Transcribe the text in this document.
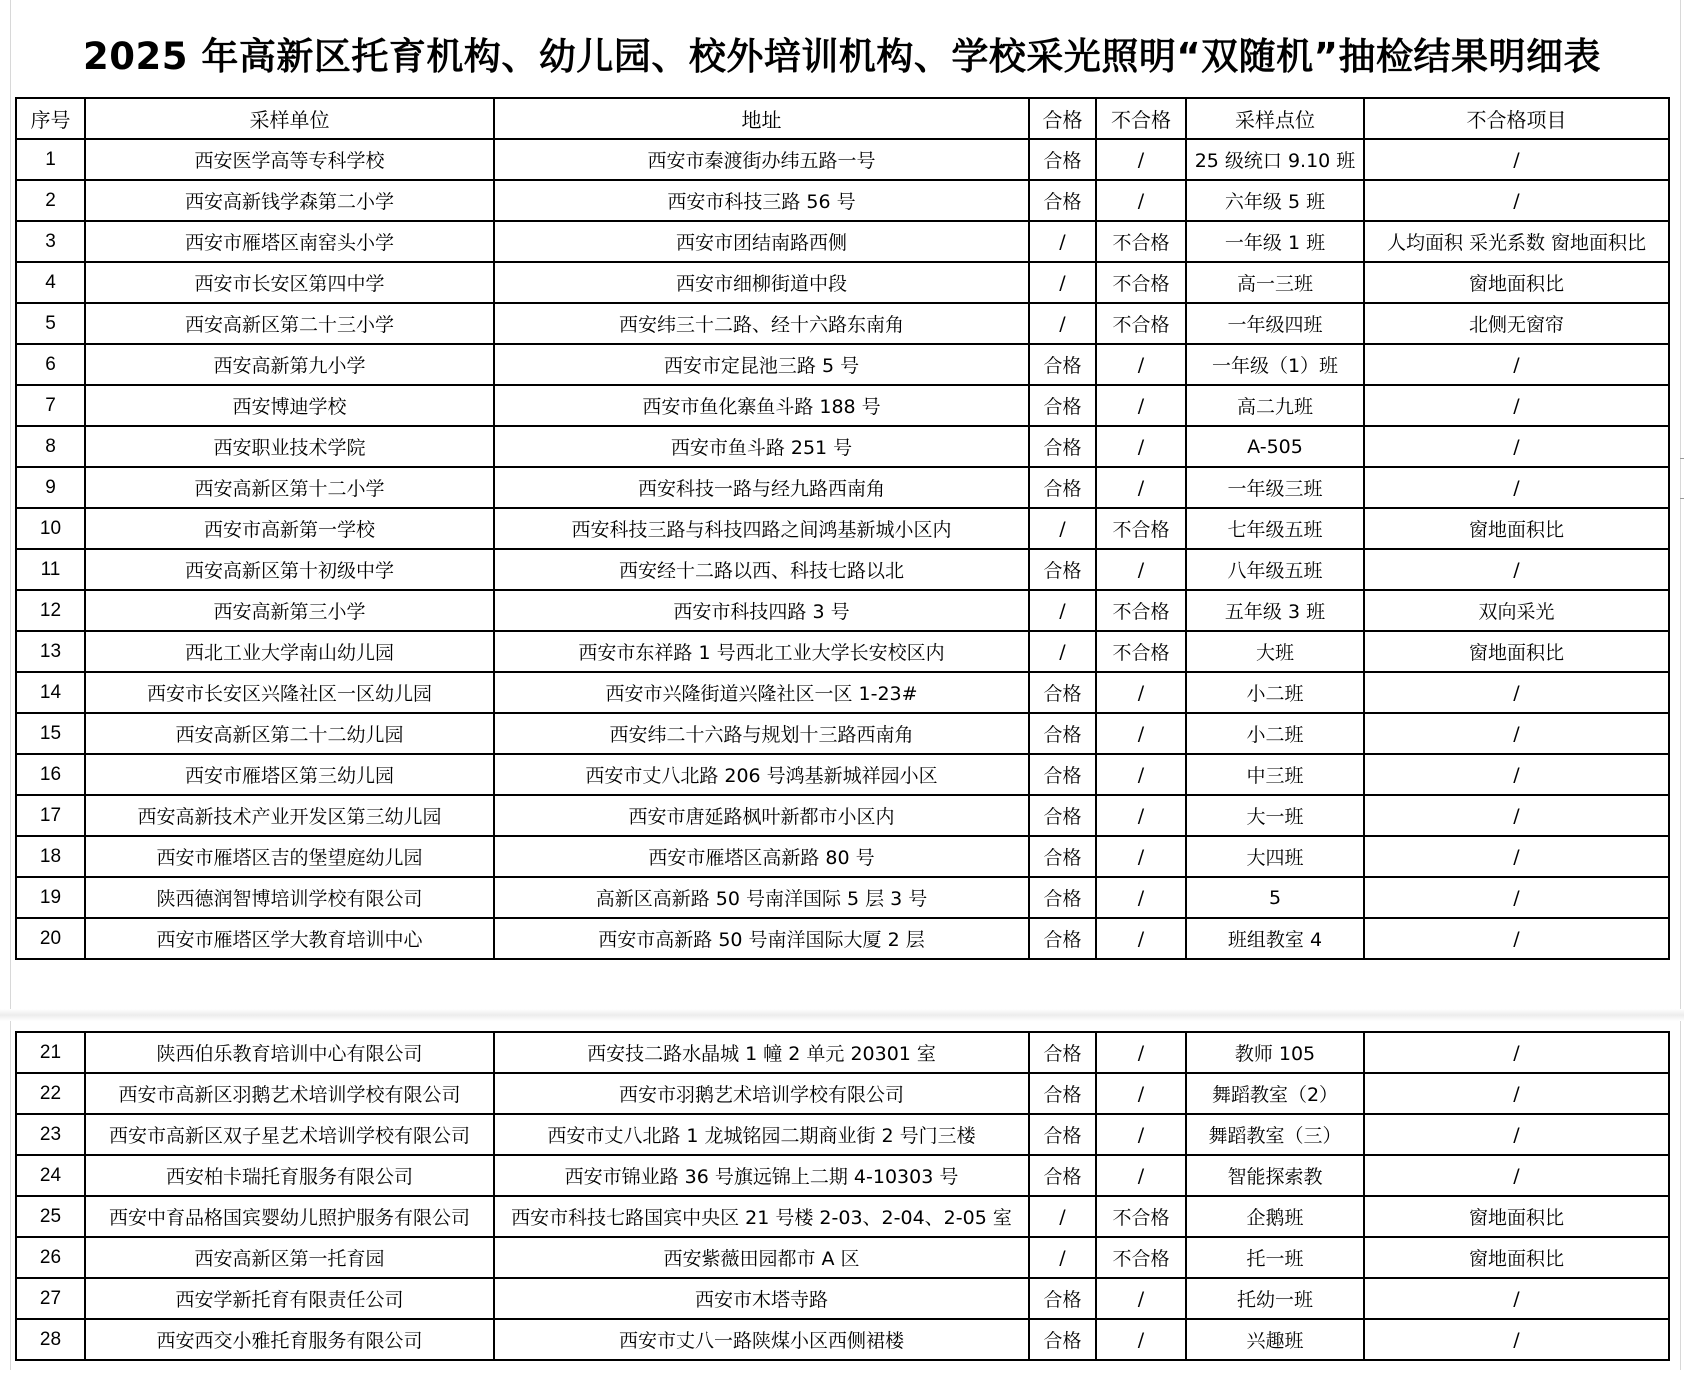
2025 年高新区托育机构、幼儿园、校外培训机构、学校采光照明“双随机”抽检结果明细表
序号	采样单位	地址	合格	不合格	采样点位	不合格项目
1	西安医学高等专科学校	西安市秦渡街办纬五路一号	合格	/	25 级统口 9.10 班	/
2	西安高新钱学森第二小学	西安市科技三路 56 号	合格	/	六年级 5 班	/
3	西安市雁塔区南窑头小学	西安市团结南路西侧	/	不合格	一年级 1 班	人均面积 采光系数 窗地面积比
4	西安市长安区第四中学	西安市细柳街道中段	/	不合格	高一三班	窗地面积比
5	西安高新区第二十三小学	西安纬三十二路、经十六路东南角	/	不合格	一年级四班	北侧无窗帘
6	西安高新第九小学	西安市定昆池三路 5 号	合格	/	一年级（1）班	/
7	西安博迪学校	西安市鱼化寨鱼斗路 188 号	合格	/	高二九班	/
8	西安职业技术学院	西安市鱼斗路 251 号	合格	/	A-505	/
9	西安高新区第十二小学	西安科技一路与经九路西南角	合格	/	一年级三班	/
10	西安市高新第一学校	西安科技三路与科技四路之间鸿基新城小区内	/	不合格	七年级五班	窗地面积比
11	西安高新区第十初级中学	西安经十二路以西、科技七路以北	合格	/	八年级五班	/
12	西安高新第三小学	西安市科技四路 3 号	/	不合格	五年级 3 班	双向采光
13	西北工业大学南山幼儿园	西安市东祥路 1 号西北工业大学长安校区内	/	不合格	大班	窗地面积比
14	西安市长安区兴隆社区一区幼儿园	西安市兴隆街道兴隆社区一区 1-23#	合格	/	小二班	/
15	西安高新区第二十二幼儿园	西安纬二十六路与规划十三路西南角	合格	/	小二班	/
16	西安市雁塔区第三幼儿园	西安市丈八北路 206 号鸿基新城祥园小区	合格	/	中三班	/
17	西安高新技术产业开发区第三幼儿园	西安市唐延路枫叶新都市小区内	合格	/	大一班	/
18	西安市雁塔区吉的堡望庭幼儿园	西安市雁塔区高新路 80 号	合格	/	大四班	/
19	陕西德润智博培训学校有限公司	高新区高新路 50 号南洋国际 5 层 3 号	合格	/	5	/
20	西安市雁塔区学大教育培训中心	西安市高新路 50 号南洋国际大厦 2 层	合格	/	班组教室 4	/
21	陕西伯乐教育培训中心有限公司	西安技二路水晶城 1 幢 2 单元 20301 室	合格	/	教师 105	/
22	西安市高新区羽鹅艺术培训学校有限公司	西安市羽鹅艺术培训学校有限公司	合格	/	舞蹈教室（2）	/
23	西安市高新区双子星艺术培训学校有限公司	西安市丈八北路 1 龙城铭园二期商业街 2 号门三楼	合格	/	舞蹈教室（三）	/
24	西安柏卡瑞托育服务有限公司	西安市锦业路 36 号旗远锦上二期 4-10303 号	合格	/	智能探索教	/
25	西安中育品格国宾婴幼儿照护服务有限公司	西安市科技七路国宾中央区 21 号楼 2-03、2-04、2-05 室	/	不合格	企鹅班	窗地面积比
26	西安高新区第一托育园	西安紫薇田园都市 A 区	/	不合格	托一班	窗地面积比
27	西安学新托育有限责任公司	西安市木塔寺路	合格	/	托幼一班	/
28	西安西交小雅托育服务有限公司	西安市丈八一路陕煤小区西侧裙楼	合格	/	兴趣班	/
